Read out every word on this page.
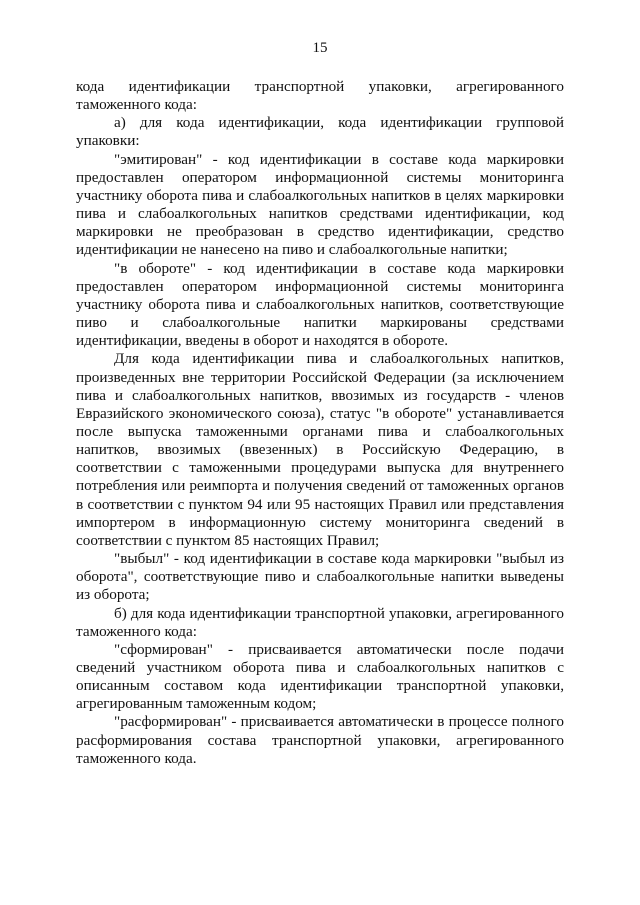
15

кода идентификации транспортной упаковки, агрегированного таможенного кода:

а) для кода идентификации, кода идентификации групповой упаковки:

"эмитирован" - код идентификации в составе кода маркировки предоставлен оператором информационной системы мониторинга участнику оборота пива и слабоалкогольных напитков в целях маркировки пива и слабоалкогольных напитков средствами идентификации, код маркировки не преобразован в средство идентификации, средство идентификации не нанесено на пиво и слабоалкогольные напитки;

"в обороте" - код идентификации в составе кода маркировки предоставлен оператором информационной системы мониторинга участнику оборота пива и слабоалкогольных напитков, соответствующие пиво и слабоалкогольные напитки маркированы средствами идентификации, введены в оборот и находятся в обороте.

Для кода идентификации пива и слабоалкогольных напитков, произведенных вне территории Российской Федерации (за исключением пива и слабоалкогольных напитков, ввозимых из государств - членов Евразийского экономического союза), статус "в обороте" устанавливается после выпуска таможенными органами пива и слабоалкогольных напитков, ввозимых (ввезенных) в Российскую Федерацию, в соответствии с таможенными процедурами выпуска для внутреннего потребления или реимпорта и получения сведений от таможенных органов в соответствии с пунктом 94 или 95 настоящих Правил или представления импортером в информационную систему мониторинга сведений в соответствии с пунктом 85 настоящих Правил;

"выбыл" - код идентификации в составе кода маркировки "выбыл из оборота", соответствующие пиво и слабоалкогольные напитки выведены из оборота;

б) для кода идентификации транспортной упаковки, агрегированного таможенного кода:

"сформирован" - присваивается автоматически после подачи сведений участником оборота пива и слабоалкогольных напитков с описанным составом кода идентификации транспортной упаковки, агрегированным таможенным кодом;

"расформирован" - присваивается автоматически в процессе полного расформирования состава транспортной упаковки, агрегированного таможенного кода.
